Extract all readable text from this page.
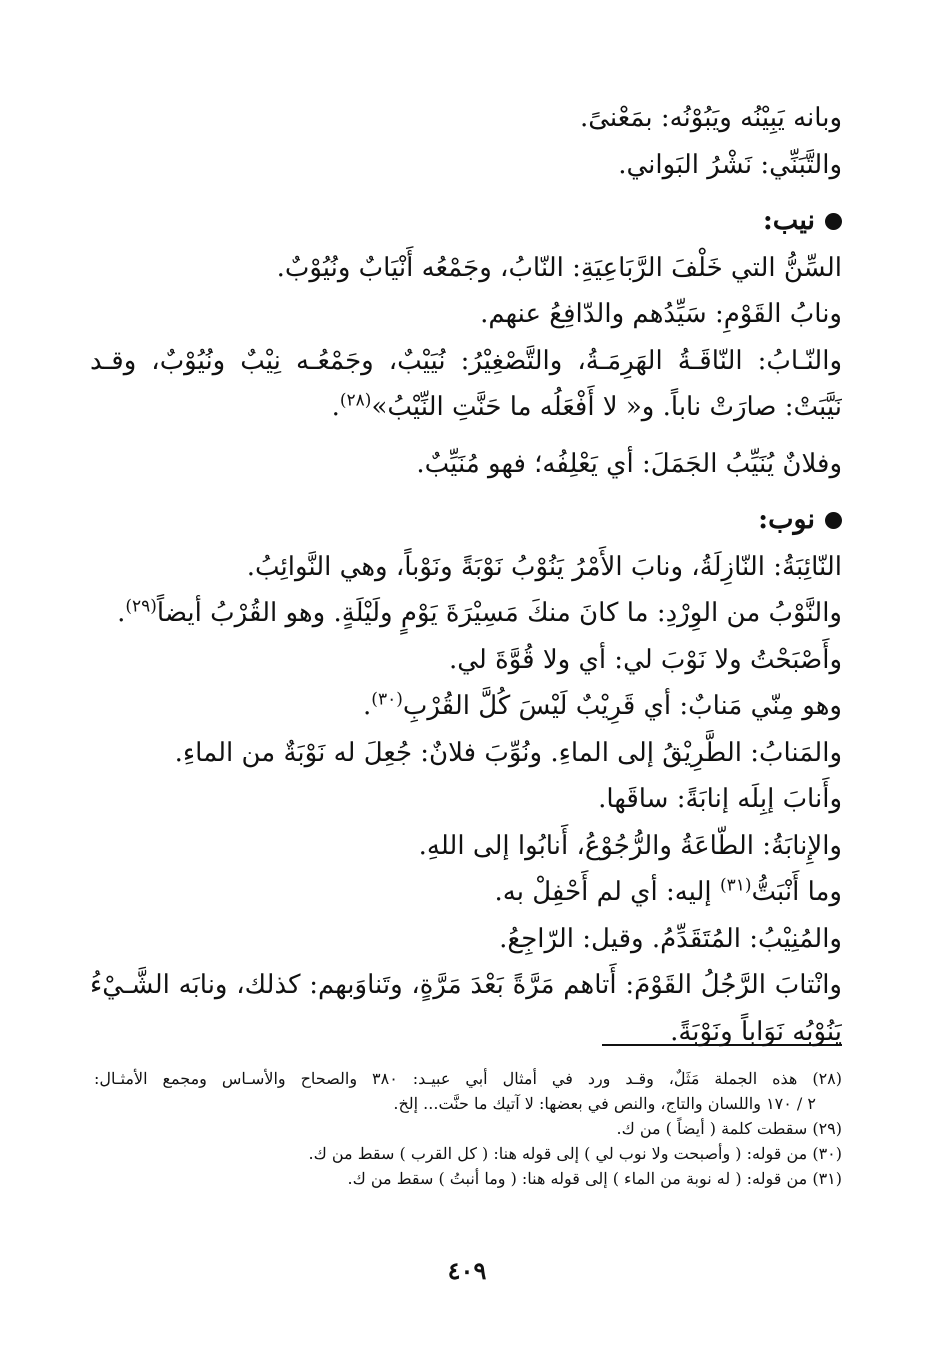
وبانه يَبِيْنُه ويَبُوْنُه: بمَعْنىً.
والتَّبَنِّي: نَشْرُ البَواني.
نيب:
السِّنُّ التي خَلْفَ الرَّبَاعِيَةِ: النّابُ، وجَمْعُه أَنْيَابٌ ونُيُوْبٌ.
ونابُ القَوْمِ: سَيِّدُهم والدّافِعُ عنهم.
والنّـابُ: النّاقَـةُ الهَرِمَـةُ، والتَّصْغِيْرُ: نُيَيْبٌ، وجَمْعُـه نِيْبٌ ونُيُوْبٌ، وقـد
نَيَّبَتْ: صارَتْ ناباً. و« لا أَفْعَلُه ما حَنَّتِ النِّيْبُ»$^{(٢٨)}$.
وفلانٌ يُنَيِّبُ الجَمَلَ: أي يَعْلِفُه؛ فهو مُنَيِّبٌ.
نوب:
النّائِبَةُ: النّازِلَةُ، ونابَ الأَمْرُ يَنُوْبُ نَوْبَةً ونَوْباً، وهي النَّوائِبُ.
والنَّوْبُ من الوِرْدِ: ما كانَ منكَ مَسِيْرَةَ يَوْمٍ ولَيْلَةٍ. وهو القُرْبُ أيضاً$^{(٢٩)}$.
وأَصْبَحْتُ ولا نَوْبَ لي: أي ولا قُوَّةَ لي.
وهو مِنّي مَنابٌ: أي قَرِيْبٌ لَيْسَ كُلَّ القُرْبِ$^{(٣٠)}$.
والمَنابُ: الطَّرِيْقُ إلى الماءِ. ونُوِّبَ فلانٌ: جُعِلَ له نَوْبَةٌ من الماءِ.
وأَنابَ إبِلَه إنابَةً: ساقَها.
والإِنابَةُ: الطّاعَةُ والرُّجُوْعُ، أَنابُوا إلى اللهِ.
وما أَنْبَتُّ$^{(٣١)}$ إليه: أي لم أَحْفِلْ به.
والمُنِيْبُ: المُتَقَدِّمُ. وقيل: الرّاجِعُ.
وانْتابَ الرَّجُلُ القَوْمَ: أَتاهم مَرَّةً بَعْدَ مَرَّةٍ، وتَناوَبهم: كذلك، ونابَه الشَّـيْءُ
يَنُوْبُه نَوَاباً ونَوْبَةً.
(٢٨) هذه الجملة مَثَلٌ، وقـد ورد في أمثال أبي عبيـد: ٣٨٠ والصحاح والأسـاس ومجمع الأمثـال:
٢ / ١٧٠ واللسان والتاج، والنص في بعضها: لا آتيك ما حنَّت... إلخ.
(٢٩) سقطت كلمة ( أيضاً ) من ك.
(٣٠) من قوله: ( وأصبحت ولا نوب لي ) إلى قوله هنا: ( كل القرب ) سقط من ك.
(٣١) من قوله: ( له نوبة من الماء ) إلى قوله هنا: ( وما أنبتُ ) سقط من ك.
٤٠٩
